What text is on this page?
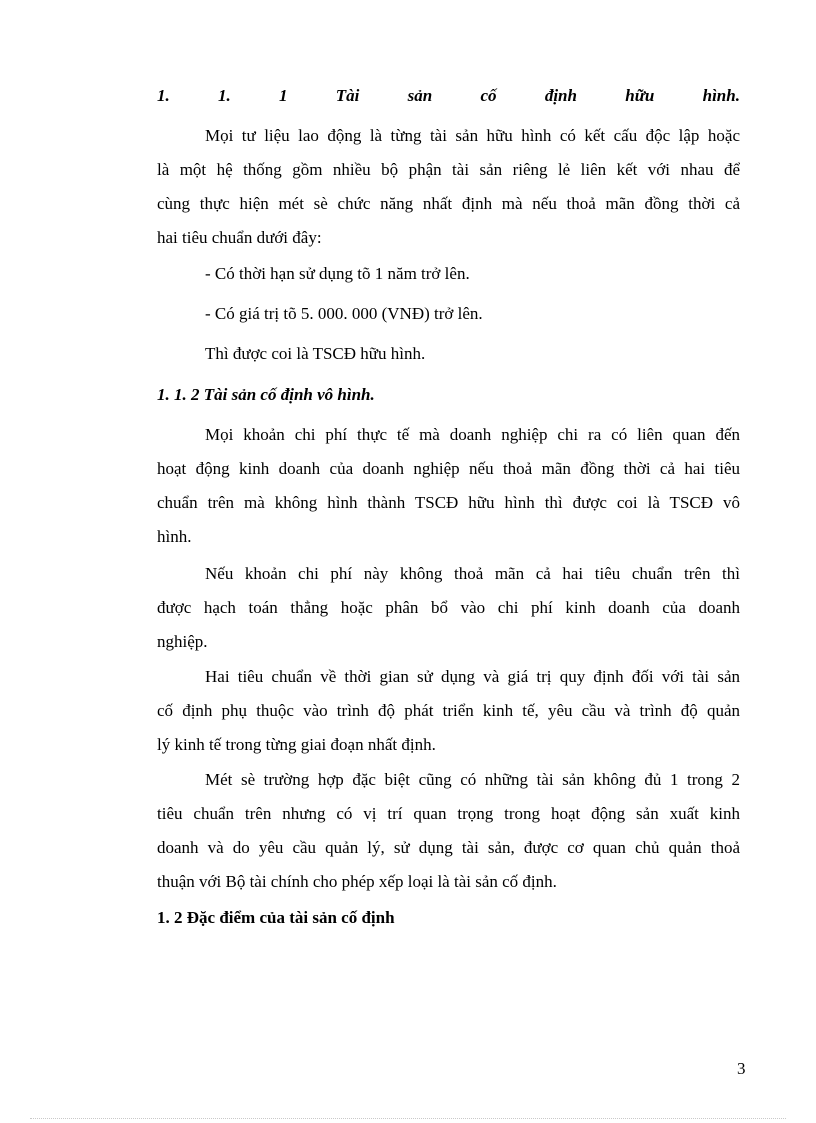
1.	1.	1	Tài	sản	cố	định	hữu	hình.
Mọi tư liệu lao động là từng tài sản hữu hình có kết cấu độc lập hoặc
là một hệ thống gồm nhiều bộ phận tài sản riêng lẻ liên kết với nhau để
cùng thực hiện mét sè chức năng nhất định mà nếu thoả mãn đồng thời cả
hai tiêu chuẩn dưới đây:
- Có thời hạn sử dụng tõ 1 năm trở lên.
- Có giá trị tõ 5. 000. 000 (VNĐ) trở lên.
Thì được coi là TSCĐ hữu hình.
1. 1. 2 Tài sản cố định vô hình.
Mọi khoản chi phí thực tế mà doanh nghiệp chi ra có liên quan đến
hoạt động kinh doanh của doanh nghiệp nếu thoả mãn đồng thời cả hai tiêu
chuẩn trên mà không hình thành TSCĐ hữu hình thì được coi là TSCĐ vô
hình.
Nếu khoản chi phí này không thoả mãn cả hai tiêu chuẩn trên thì
được hạch toán thẳng hoặc phân bổ vào chi phí kinh doanh của doanh
nghiệp.
Hai tiêu chuẩn về thời gian sử dụng và giá trị quy định đối với tài sản
cố định phụ thuộc vào trình độ phát triển kinh tế, yêu cầu và trình độ quản
lý kinh tế trong từng giai đoạn nhất định.
Mét sè trường hợp đặc biệt cũng có những tài sản không đủ 1 trong 2
tiêu chuẩn trên nhưng có vị trí quan trọng trong hoạt động sản xuất kinh
doanh và do yêu cầu quản lý, sử dụng tài sản, được cơ quan chủ quản thoả
thuận với Bộ tài chính cho phép xếp loại là tài sản cố định.
1. 2 Đặc điểm của tài sản cố định
3
